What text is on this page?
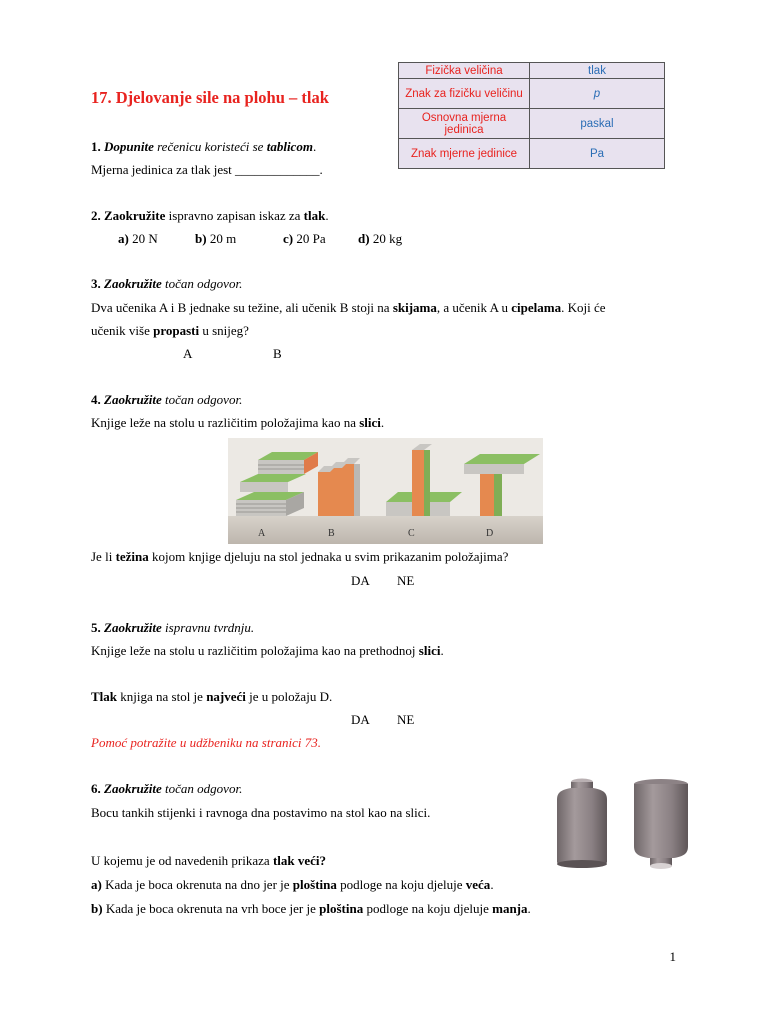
17. Djelovanje sile na plohu – tlak
Fizička veličina	tlak
Znak za fizičku veličinu	p
Osnovna mjerna jedinica	paskal
Znak mjerne jedinice	Pa
1. Dopunite rečenicu koristeći se tablicom.
Mjerna jedinica za tlak jest _____________.
2. Zaokružite ispravno zapisan iskaz za tlak.
a) 20 N	b) 20 m	c) 20 Pa d) 20 kg
3. Zaokružite točan odgovor.
Dva učenika A i B jednake su težine, ali učenik B stoji na skijama, a učenik A u cipelama. Koji će
učenik više propasti u snijeg?
A	B
4. Zaokružite točan odgovor.
Knjige leže na stolu u različitim položajima kao na slici.
A	B	C	D
Je li težina kojom knjige djeluju na stol jednaka u svim prikazanim položajima?
DA NE
5. Zaokružite ispravnu tvrdnju.
Knjige leže na stolu u različitim položajima kao na prethodnoj slici.
Tlak knjiga na stol je najveći je u položaju D.
DA NE
Pomoć potražite u udžbeniku na stranici 73.
6. Zaokružite točan odgovor.
Bocu tankih stijenki i ravnoga dna postavimo na stol kao na slici.
U kojemu je od navedenih prikaza tlak veći?
a) Kada je boca okrenuta na dno jer je ploština podloge na koju djeluje veća.
b) Kada je boca okrenuta na vrh boce jer je ploština podloge na koju djeluje manja.
1
